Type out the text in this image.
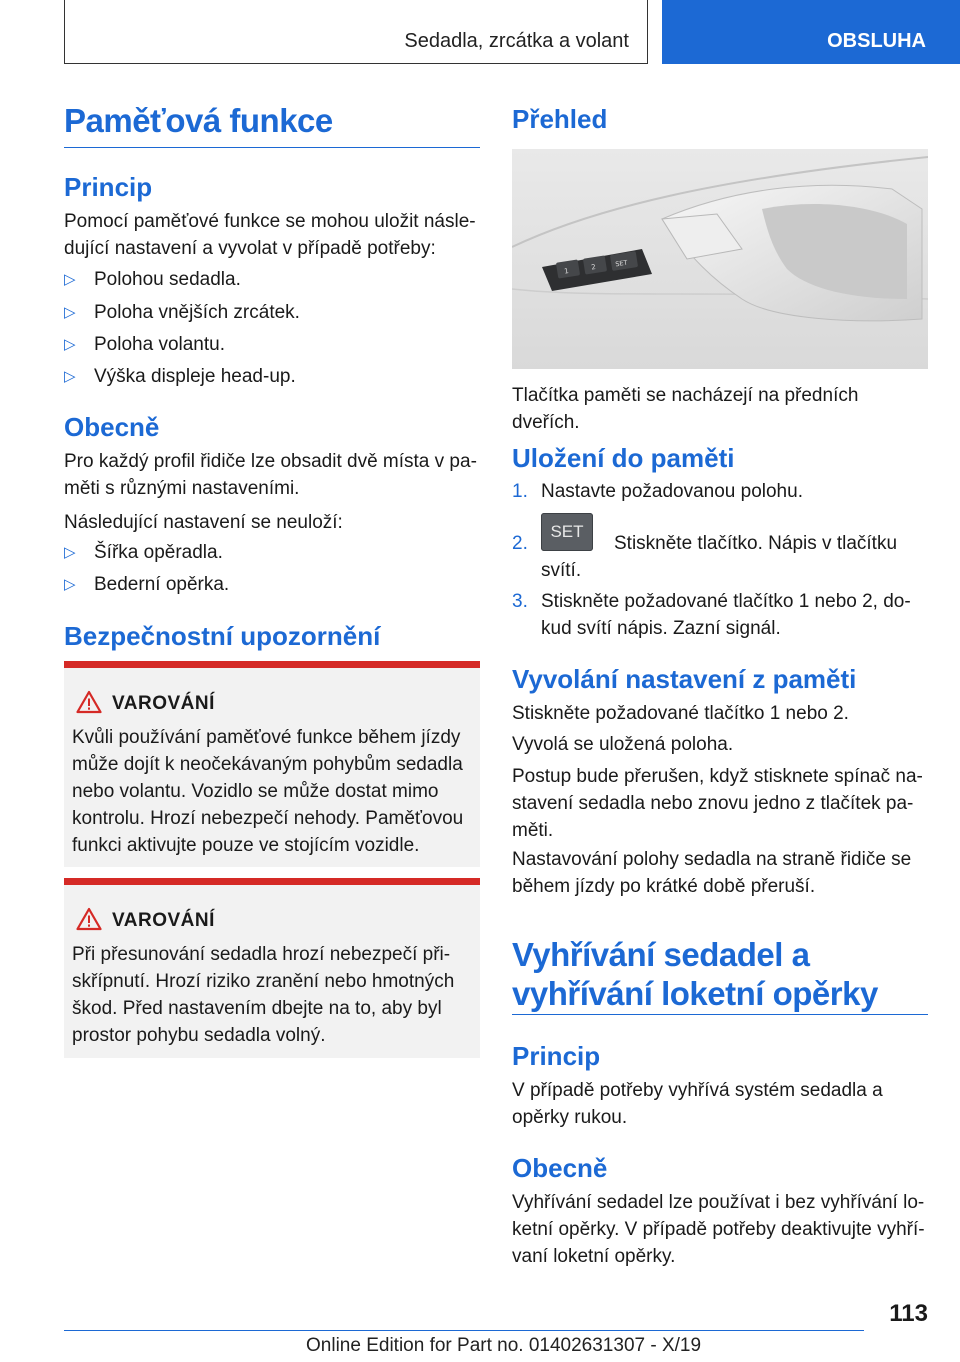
Sedadla, zrcátka a volant	OBSLUHA
Paměťová funkce
Princip
Pomocí paměťové funkce se mohou uložit násle-dující nastavení a vyvolat v případě potřeby:
▷ Polohou sedadla.
▷ Poloha vnějších zrcátek.
▷ Poloha volantu.
▷ Výška displeje head-up.
Obecně
Pro každý profil řidiče lze obsadit dvě místa v pa-měti s různými nastaveními.
Následující nastavení se neuloží:
▷ Šířka opěradla.
▷ Bederní opěrka.
Bezpečnostní upozornění
VAROVÁNÍ
Kvůli používání paměťové funkce během jízdy může dojít k neočekávaným pohybům sedadla nebo volantu. Vozidlo se může dostat mimo kontrolu. Hrozí nebezpečí nehody. Paměťovou funkci aktivujte pouze ve stojícím vozidle.
VAROVÁNÍ
Při přesunování sedadla hrozí nebezpečí při-skřípnutí. Hrozí riziko zranění nebo hmotných škod. Před nastavením dbejte na to, aby byl prostor pohybu sedadla volný.
Přehled
1	2	SET
Tlačítka paměti se nacházejí na předních dveřích.
Uložení do paměti
1. Nastavte požadovanou polohu.
2.
SET
Stiskněte tlačítko. Nápis v tlačítku svítí.
3. Stiskněte požadované tlačítko 1 nebo 2, do-kud svítí nápis. Zazní signál.
Vyvolání nastavení z paměti
Stiskněte požadované tlačítko 1 nebo 2.
Vyvolá se uložená poloha.
Postup bude přerušen, když stisknete spínač na-stavení sedadla nebo znovu jedno z tlačítek pa-měti.
Nastavování polohy sedadla na straně řidiče se během jízdy po krátké době přeruší.
Vyhřívání sedadel a
vyhřívání loketní opěrky
Princip
V případě potřeby vyhřívá systém sedadla a opěrky rukou.
Obecně
Vyhřívání sedadel lze používat i bez vyhřívání lo-ketní opěrky. V případě potřeby deaktivujte vyhří-vaní loketní opěrky.
113
Online Edition for Part no. 01402631307 - X/19
